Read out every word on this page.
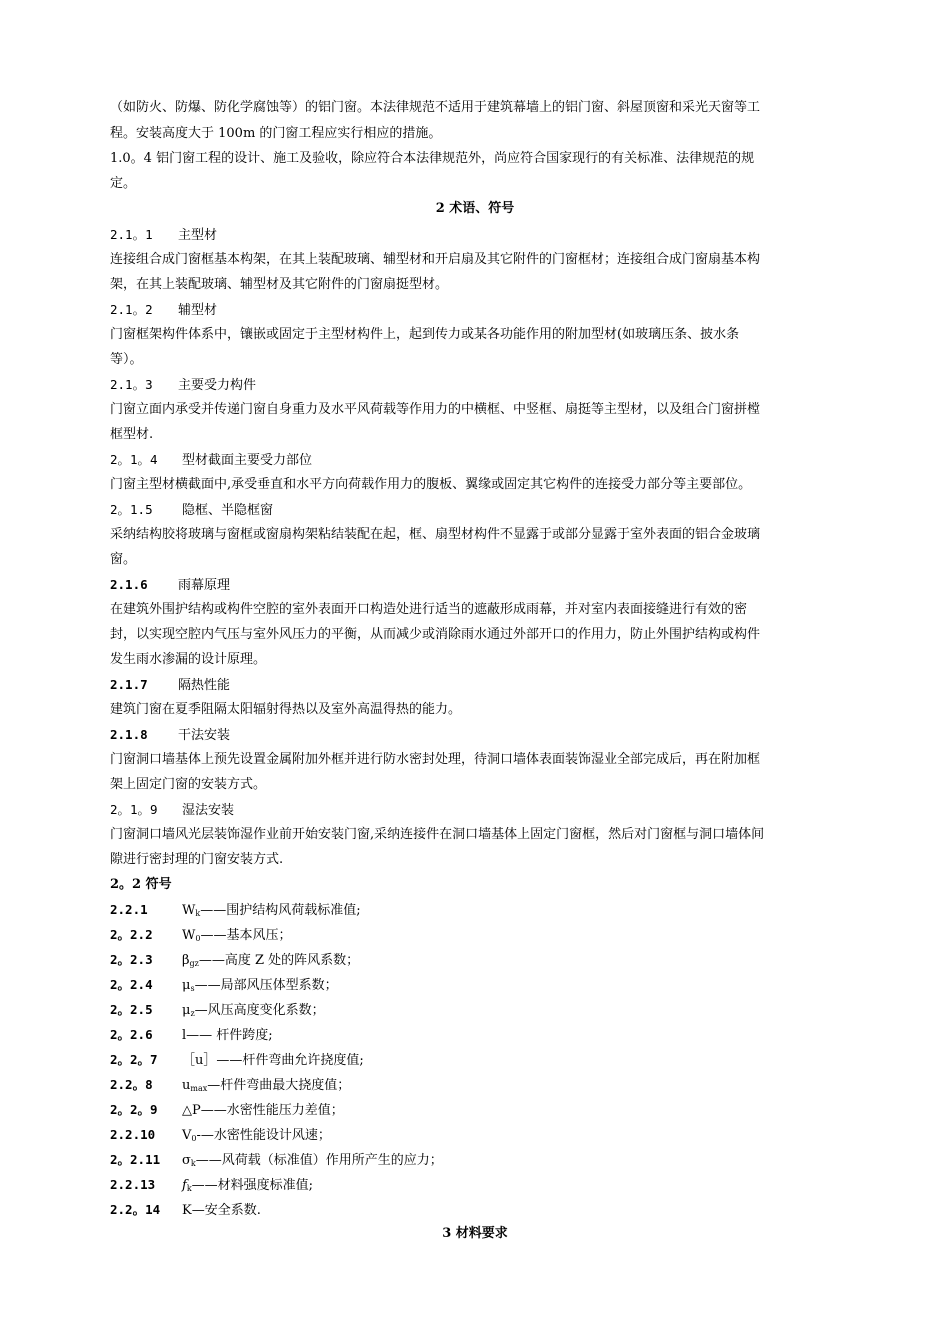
（如防火、防爆、防化学腐蚀等）的铝门窗。本法律规范不适用于建筑幕墙上的铝门窗、斜屋顶窗和采光天窗等工
程。安装高度大于 100m 的门窗工程应实行相应的措施。
1.0。4 铝门窗工程的设计、施工及验收，除应符合本法律规范外，尚应符合国家现行的有关标准、法律规范的规
定。
2 术语、符号
2.1。1 主型材
连接组合成门窗框基本构架，在其上装配玻璃、辅型材和开启扇及其它附件的门窗框材；连接组合成门窗扇基本构
架，在其上装配玻璃、辅型材及其它附件的门窗扇挺型材。
2.1。2 辅型材
门窗框架构件体系中，镶嵌或固定于主型材构件上，起到传力或某各功能作用的附加型材(如玻璃压条、披水条
等）。
2.1。3 主要受力构件
门窗立面内承受并传递门窗自身重力及水平风荷载等作用力的中横框、中竖框、扇挺等主型材，以及组合门窗拼樘
框型材.
2。1。4 型材截面主要受力部位
门窗主型材横截面中,承受垂直和水平方向荷载作用力的腹板、翼缘或固定其它构件的连接受力部分等主要部位。
2。1.5 隐框、半隐框窗
采纳结构胶将玻璃与窗框或窗扇构架粘结装配在起，框、扇型材构件不显露于或部分显露于室外表面的铝合金玻璃
窗。
2.1.6 雨幕原理
在建筑外围护结构或构件空腔的室外表面开口构造处进行适当的遮蔽形成雨幕，并对室内表面接缝进行有效的密
封，以实现空腔内气压与室外风压力的平衡，从而减少或消除雨水通过外部开口的作用力，防止外围护结构或构件
发生雨水渗漏的设计原理。
2.1.7 隔热性能
建筑门窗在夏季阻隔太阳辐射得热以及室外高温得热的能力。
2.1.8 干法安装
门窗洞口墙基体上预先设置金属附加外框并进行防水密封处理，待洞口墙体表面装饰湿业全部完成后，再在附加框
架上固定门窗的安装方式。
2。1。9 湿法安装
门窗洞口墙风光层装饰湿作业前开始安装门窗,采纳连接件在洞口墙基体上固定门窗框，然后对门窗框与洞口墙体间
隙进行密封理的门窗安装方式.
2。2 符号
2.2.1	$W_k——$围护结构风荷载标准值;
2。2.2 $W_0——$基本风压；
2。2.3 $\beta_{gz}——$高度 Z 处的阵风系数；
2。2.4 $\mu_s——$局部风压体型系数；
2。2.5 $\mu_z—$风压高度变化系数；
2。2.6 l—— 杆件跨度;
2。2。7 ［u］——杆件弯曲允许挠度值;
2.2。8 $u_{max}—$杆件弯曲最大挠度值；
2。2。9 △P——水密性能压力差值；
2.2.10 $V_0-—$水密性能设计风速；
2。2.11 $\sigma_k——$风荷载（标准值）作用所产生的应力；
2.2.13 $f_k——$材料强度标准值;
2.2。14 K—安全系数.
3 材料要求
